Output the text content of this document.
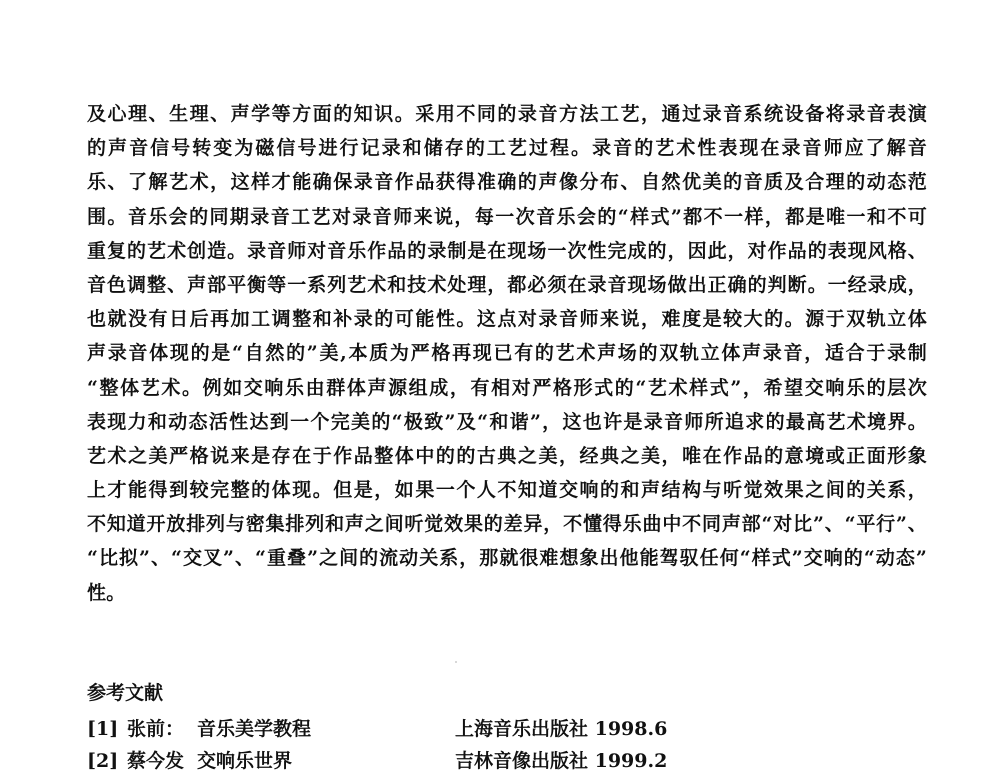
及心理、生理、声学等方面的知识。采用不同的录音方法工艺，通过录音系统设备将录音表演
的声音信号转变为磁信号进行记录和储存的工艺过程。录音的艺术性表现在录音师应了解音
乐、了解艺术，这样才能确保录音作品获得准确的声像分布、自然优美的音质及合理的动态范
围。音乐会的同期录音工艺对录音师来说，每一次音乐会的“样式”都不一样，都是唯一和不可
重复的艺术创造。录音师对音乐作品的录制是在现场一次性完成的，因此，对作品的表现风格、
音色调整、声部平衡等一系列艺术和技术处理，都必须在录音现场做出正确的判断。一经录成，
也就没有日后再加工调整和补录的可能性。这点对录音师来说，难度是较大的。源于双轨立体
声录音体现的是“自然的”美,本质为严格再现已有的艺术声场的双轨立体声录音，适合于录制
“整体艺术。例如交响乐由群体声源组成，有相对严格形式的“艺术样式”，希望交响乐的层次
表现力和动态活性达到一个完美的“极致”及“和谐”，这也许是录音师所追求的最高艺术境界。
艺术之美严格说来是存在于作品整体中的的古典之美，经典之美，唯在作品的意境或正面形象
上才能得到较完整的体现。但是，如果一个人不知道交响的和声结构与听觉效果之间的关系，
不知道开放排列与密集排列和声之间听觉效果的差异，不懂得乐曲中不同声部“对比”、“平行”、
“比拟”、“交叉”、“重叠”之间的流动关系，那就很难想象出他能驾驭任何“样式”交响的“动态”
性。
参考文献
[1] 张前： 音乐美学教程	上海音乐出版社 1998.6
[2] 蔡今发 交响乐世界	吉林音像出版社 1999.2
